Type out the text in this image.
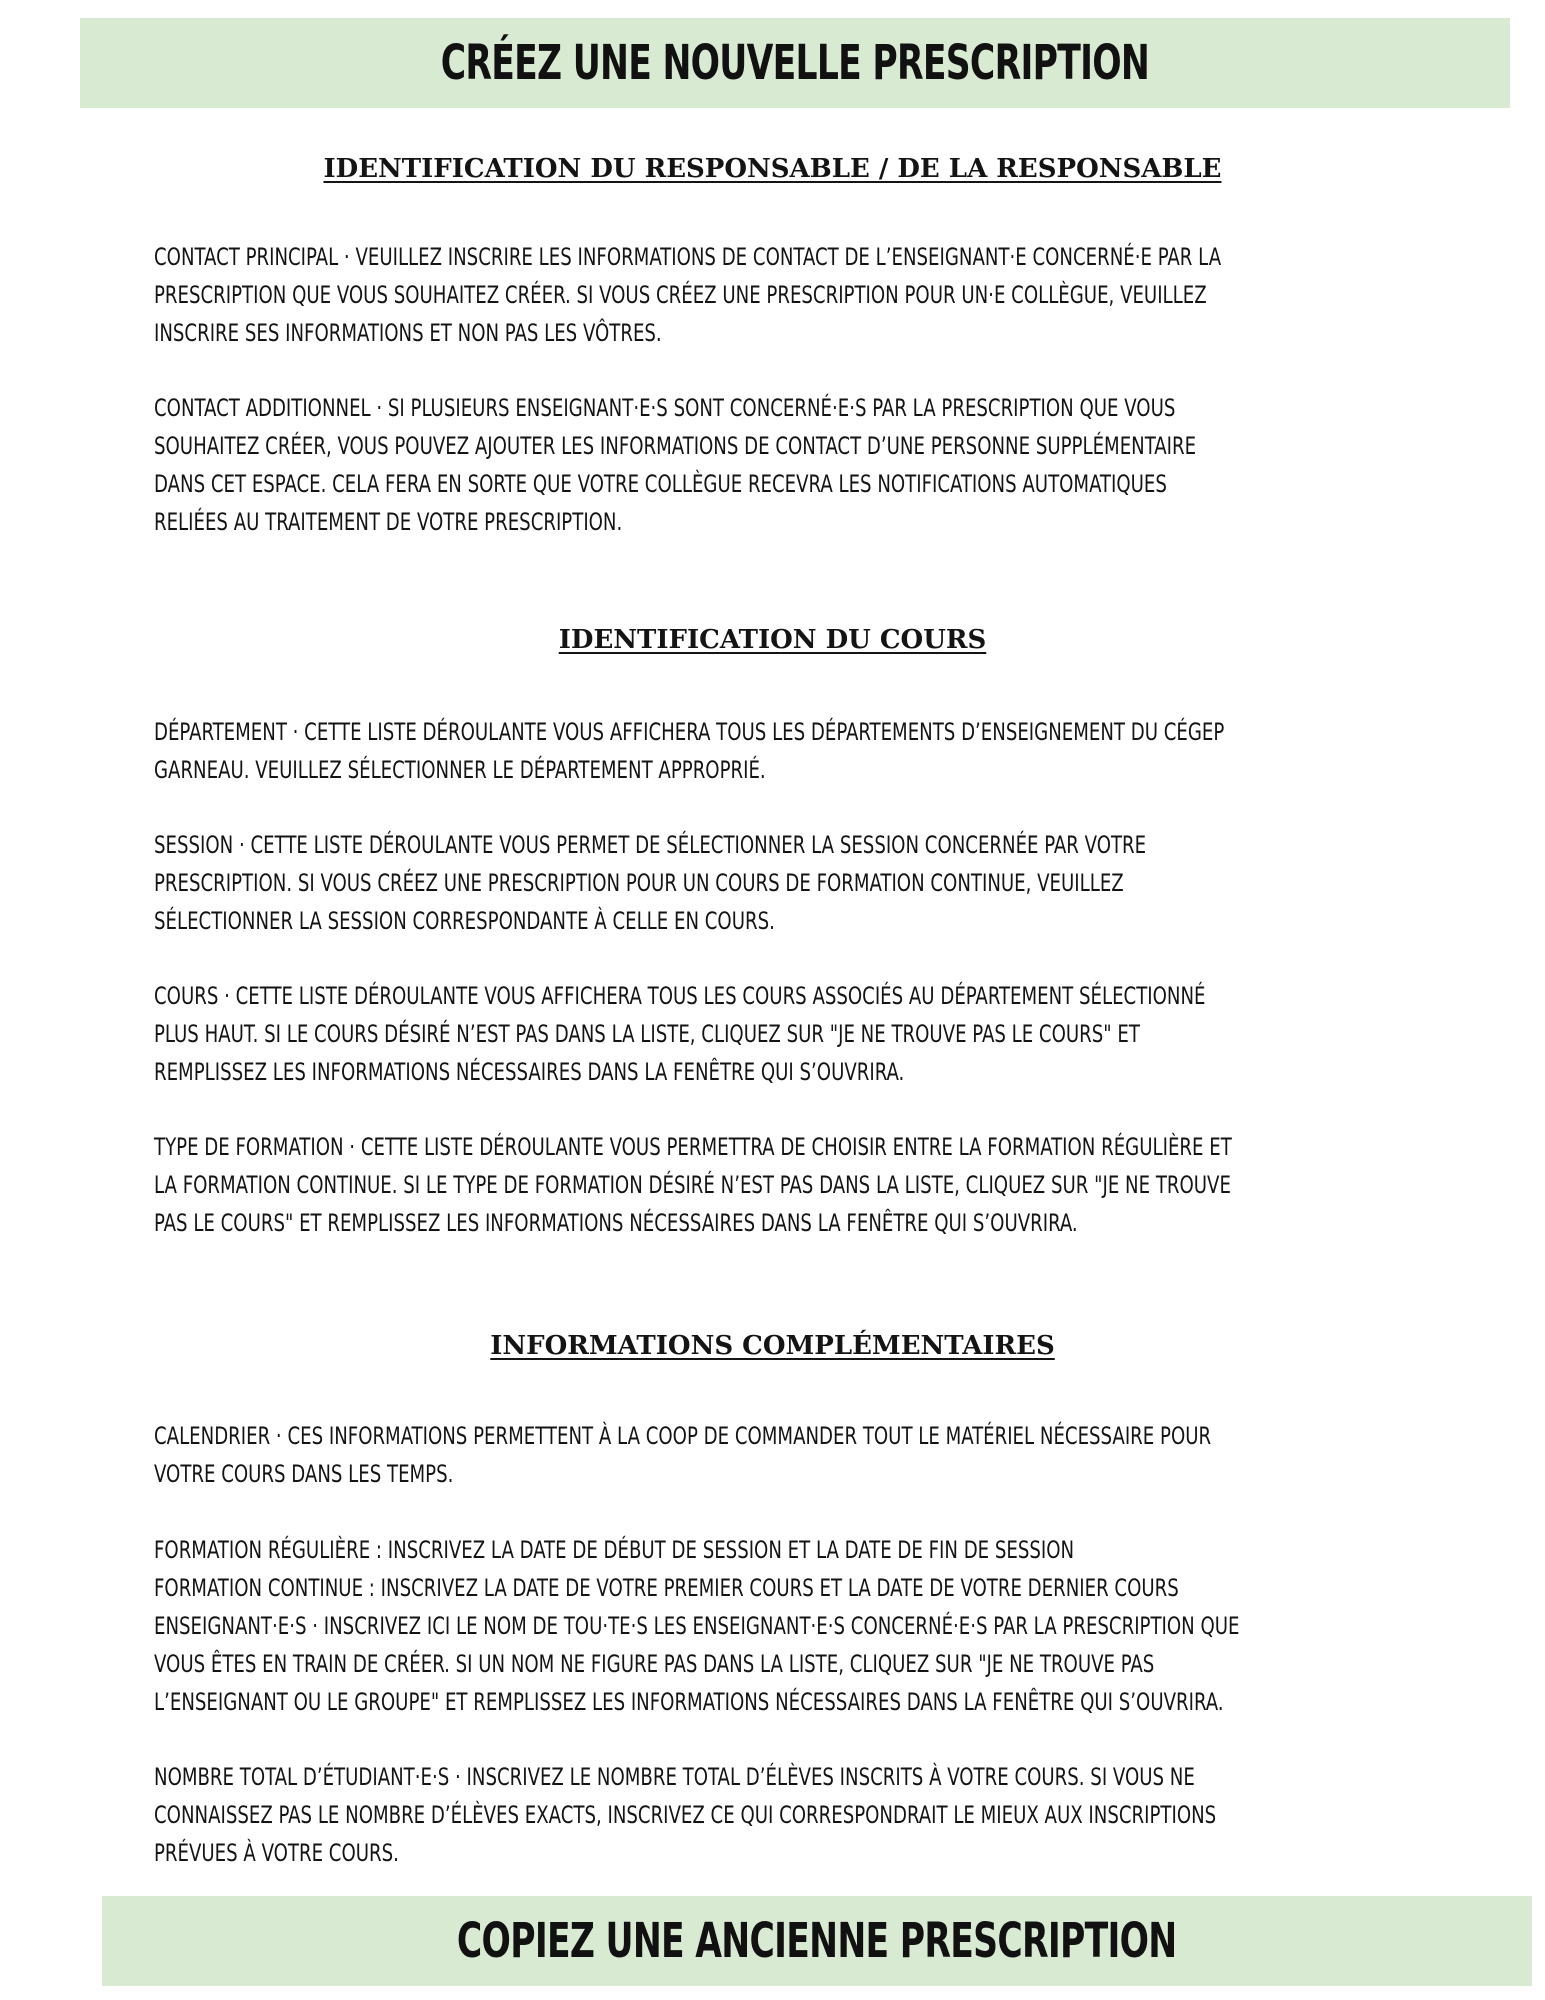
CRÉEZ UNE NOUVELLE PRESCRIPTION
IDENTIFICATION DU RESPONSABLE / DE LA RESPONSABLE
CONTACT PRINCIPAL · VEUILLEZ INSCRIRE LES INFORMATIONS DE CONTACT DE L’ENSEIGNANT·E CONCERNÉ·E PAR LA
PRESCRIPTION QUE VOUS SOUHAITEZ CRÉER. SI VOUS CRÉEZ UNE PRESCRIPTION POUR UN·E COLLÈGUE, VEUILLEZ
INSCRIRE SES INFORMATIONS ET NON PAS LES VÔTRES.
CONTACT ADDITIONNEL · SI PLUSIEURS ENSEIGNANT·E·S SONT CONCERNÉ·E·S PAR LA PRESCRIPTION QUE VOUS
SOUHAITEZ CRÉER, VOUS POUVEZ AJOUTER LES INFORMATIONS DE CONTACT D’UNE PERSONNE SUPPLÉMENTAIRE
DANS CET ESPACE. CELA FERA EN SORTE QUE VOTRE COLLÈGUE RECEVRA LES NOTIFICATIONS AUTOMATIQUES
RELIÉES AU TRAITEMENT DE VOTRE PRESCRIPTION.
IDENTIFICATION DU COURS
DÉPARTEMENT · CETTE LISTE DÉROULANTE VOUS AFFICHERA TOUS LES DÉPARTEMENTS D’ENSEIGNEMENT DU CÉGEP
GARNEAU. VEUILLEZ SÉLECTIONNER LE DÉPARTEMENT APPROPRIÉ.
SESSION · CETTE LISTE DÉROULANTE VOUS PERMET DE SÉLECTIONNER LA SESSION CONCERNÉE PAR VOTRE
PRESCRIPTION. SI VOUS CRÉEZ UNE PRESCRIPTION POUR UN COURS DE FORMATION CONTINUE, VEUILLEZ
SÉLECTIONNER LA SESSION CORRESPONDANTE À CELLE EN COURS.
COURS · CETTE LISTE DÉROULANTE VOUS AFFICHERA TOUS LES COURS ASSOCIÉS AU DÉPARTEMENT SÉLECTIONNÉ
PLUS HAUT. SI LE COURS DÉSIRÉ N’EST PAS DANS LA LISTE, CLIQUEZ SUR "JE NE TROUVE PAS LE COURS" ET
REMPLISSEZ LES INFORMATIONS NÉCESSAIRES DANS LA FENÊTRE QUI S’OUVRIRA.
TYPE DE FORMATION · CETTE LISTE DÉROULANTE VOUS PERMETTRA DE CHOISIR ENTRE LA FORMATION RÉGULIÈRE ET
LA FORMATION CONTINUE. SI LE TYPE DE FORMATION DÉSIRÉ N’EST PAS DANS LA LISTE, CLIQUEZ SUR "JE NE TROUVE
PAS LE COURS" ET REMPLISSEZ LES INFORMATIONS NÉCESSAIRES DANS LA FENÊTRE QUI S’OUVRIRA.
INFORMATIONS COMPLÉMENTAIRES
CALENDRIER · CES INFORMATIONS PERMETTENT À LA COOP DE COMMANDER TOUT LE MATÉRIEL NÉCESSAIRE POUR
VOTRE COURS DANS LES TEMPS.
FORMATION RÉGULIÈRE : INSCRIVEZ LA DATE DE DÉBUT DE SESSION ET LA DATE DE FIN DE SESSION
FORMATION CONTINUE : INSCRIVEZ LA DATE DE VOTRE PREMIER COURS ET LA DATE DE VOTRE DERNIER COURS
ENSEIGNANT·E·S · INSCRIVEZ ICI LE NOM DE TOU·TE·S LES ENSEIGNANT·E·S CONCERNÉ·E·S PAR LA PRESCRIPTION QUE
VOUS ÊTES EN TRAIN DE CRÉER. SI UN NOM NE FIGURE PAS DANS LA LISTE, CLIQUEZ SUR "JE NE TROUVE PAS
L’ENSEIGNANT OU LE GROUPE" ET REMPLISSEZ LES INFORMATIONS NÉCESSAIRES DANS LA FENÊTRE QUI S’OUVRIRA.
NOMBRE TOTAL D’ÉTUDIANT·E·S · INSCRIVEZ LE NOMBRE TOTAL D’ÉLÈVES INSCRITS À VOTRE COURS. SI VOUS NE
CONNAISSEZ PAS LE NOMBRE D’ÉLÈVES EXACTS, INSCRIVEZ CE QUI CORRESPONDRAIT LE MIEUX AUX INSCRIPTIONS
PRÉVUES À VOTRE COURS.
COPIEZ UNE ANCIENNE PRESCRIPTION
